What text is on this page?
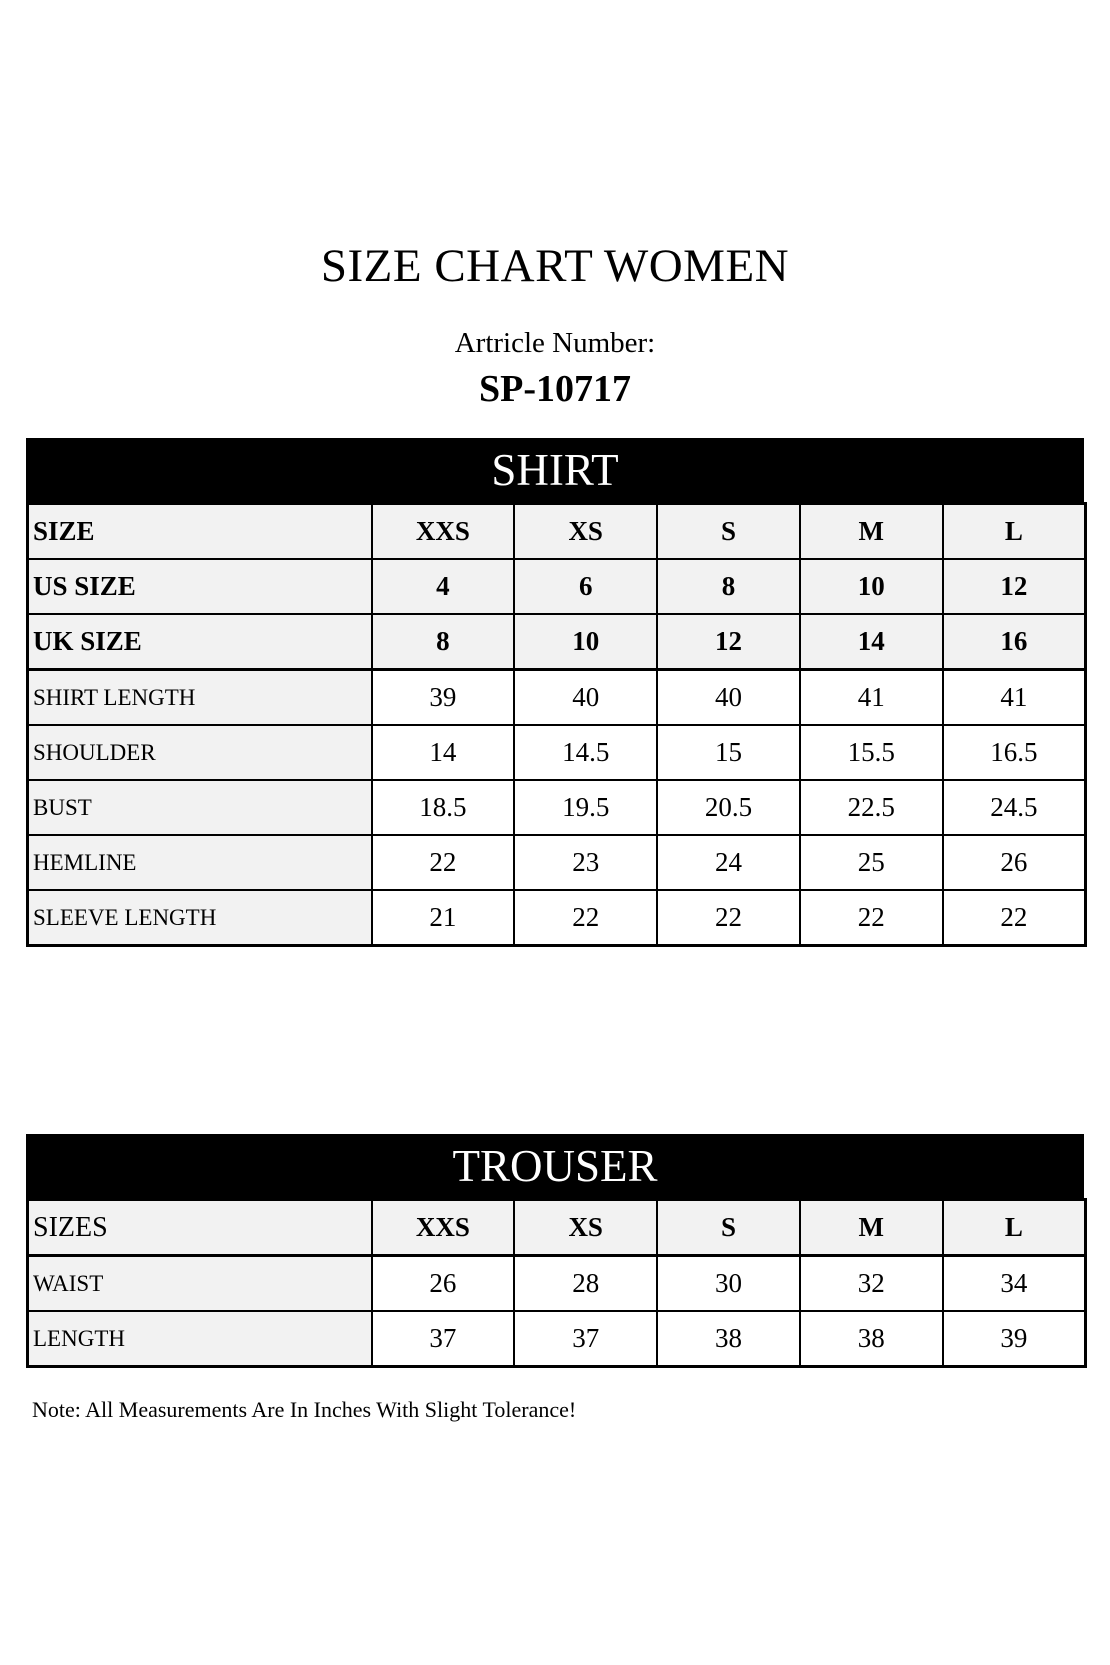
SIZE CHART WOMEN
Artricle Number:
SP-10717
SHIRT
SIZE	XXS	XS	S	M	L
US SIZE	4	6	8	10	12
UK SIZE	8	10	12	14	16
SHIRT LENGTH	39	40	40	41	41
SHOULDER	14	14.5	15	15.5	16.5
BUST	18.5	19.5	20.5	22.5	24.5
HEMLINE	22	23	24	25	26
SLEEVE LENGTH	21	22	22	22	22
TROUSER
SIZES	XXS	XS	S	M	L
WAIST	26	28	30	32	34
LENGTH	37	37	38	38	39
Note: All Measurements Are In Inches With Slight Tolerance!
